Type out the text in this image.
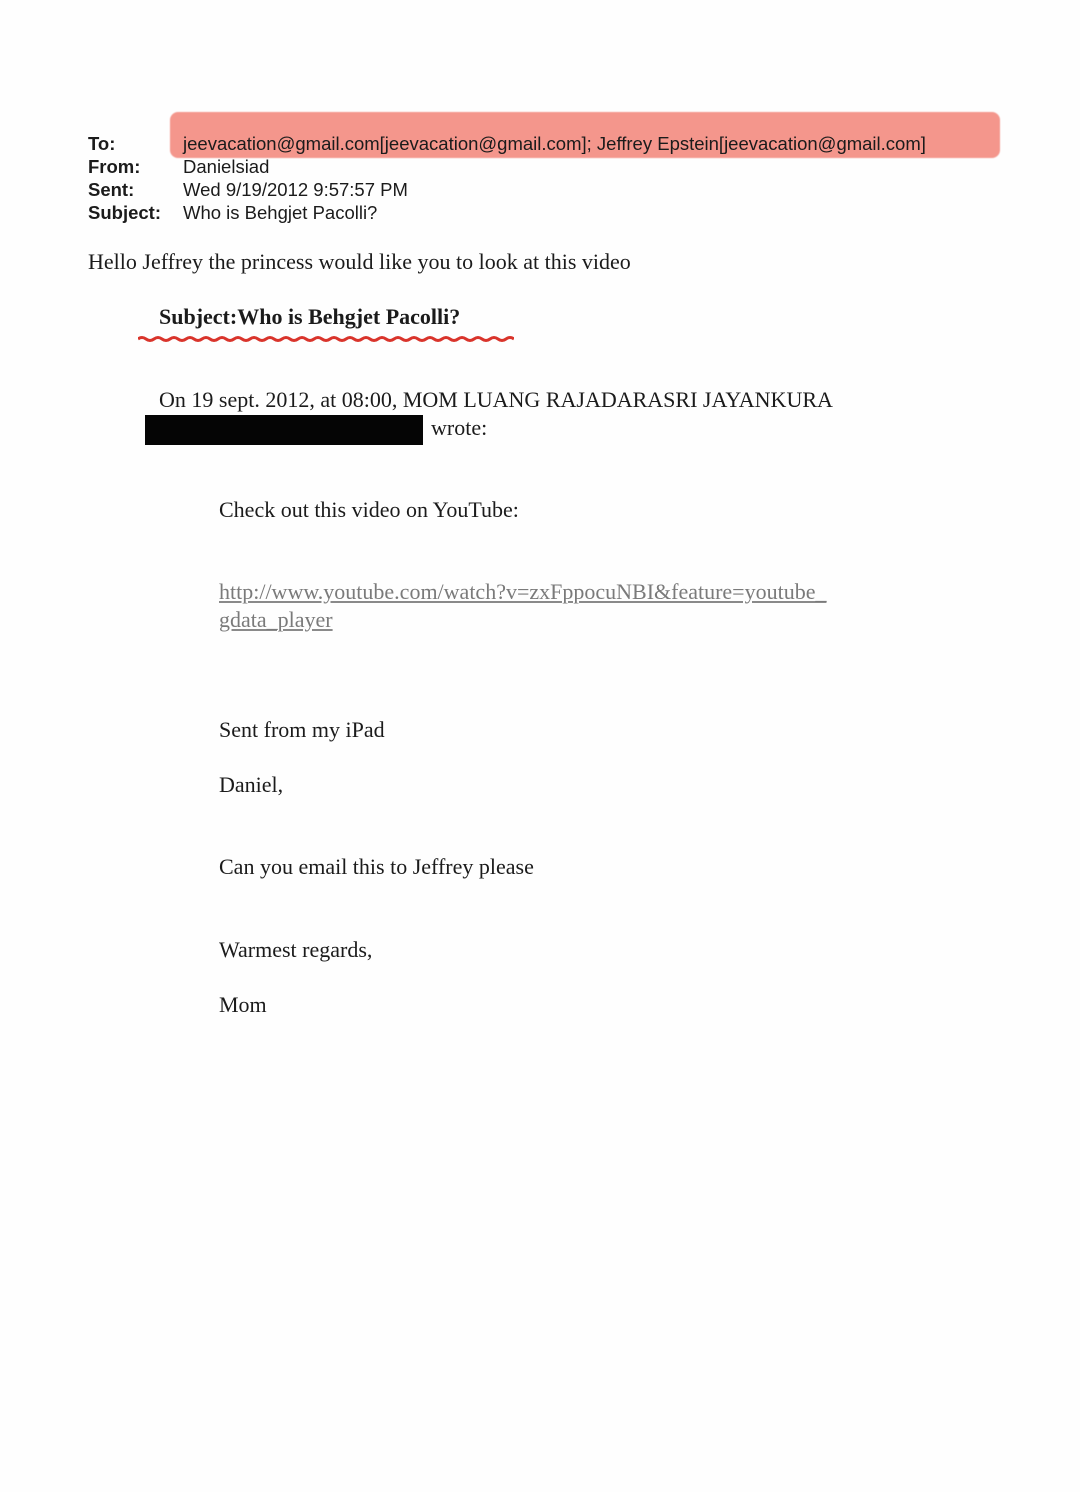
To:	jeevacation@gmail.com[jeevacation@gmail.com]; Jeffrey Epstein[jeevacation@gmail.com]
From: Danielsiad
Sent:	Wed 9/19/2012 9:57:57 PM
Subject: Who is Behgjet Pacolli?
Hello Jeffrey the princess would like you to look at this video
Subject:Who is Behgjet Pacolli?
On 19 sept. 2012, at 08:00, MOM LUANG RAJADARASRI JAYANKURA
wrote:
Check out this video on YouTube:
http://www.youtube.com/watch?v=zxFppocuNBI&feature=youtube_
gdata_player
Sent from my iPad
Daniel,
Can you email this to Jeffrey please
Warmest regards,
Mom
